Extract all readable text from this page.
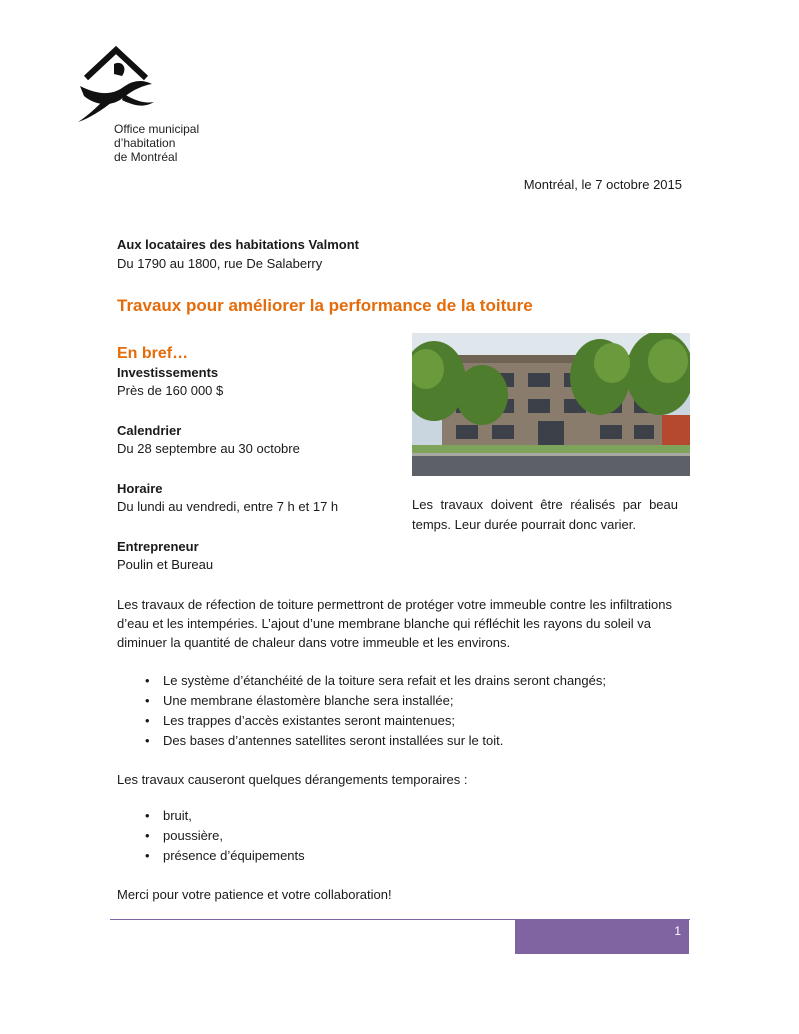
Office municipal
d’habitation
de Montréal
Montréal, le 7 octobre 2015
Aux locataires des habitations Valmont
Du 1790 au 1800, rue De Salaberry
Travaux pour améliorer la performance de la toiture
En bref…
Investissements
Près de 160 000 $
Calendrier
Du 28 septembre au 30 octobre
Horaire
Du lundi au vendredi, entre 7 h et 17 h
Entrepreneur
Poulin et Bureau
Les travaux doivent être réalisés par beau temps. Leur durée pourrait donc varier.
Les travaux de réfection de toiture permettront de protéger votre immeuble contre les infiltrations d’eau et les intempéries. L’ajout d’une membrane blanche qui réfléchit les rayons du soleil va diminuer la quantité de chaleur dans votre immeuble et les environs.
• Le système d’étanchéité de la toiture sera refait et les drains seront changés;
• Une membrane élastomère blanche sera installée;
• Les trappes d’accès existantes seront maintenues;
• Des bases d’antennes satellites seront installées sur le toit.
Les travaux causeront quelques dérangements temporaires :
• bruit,
• poussière,
• présence d’équipements
Merci pour votre patience et votre collaboration!
1
